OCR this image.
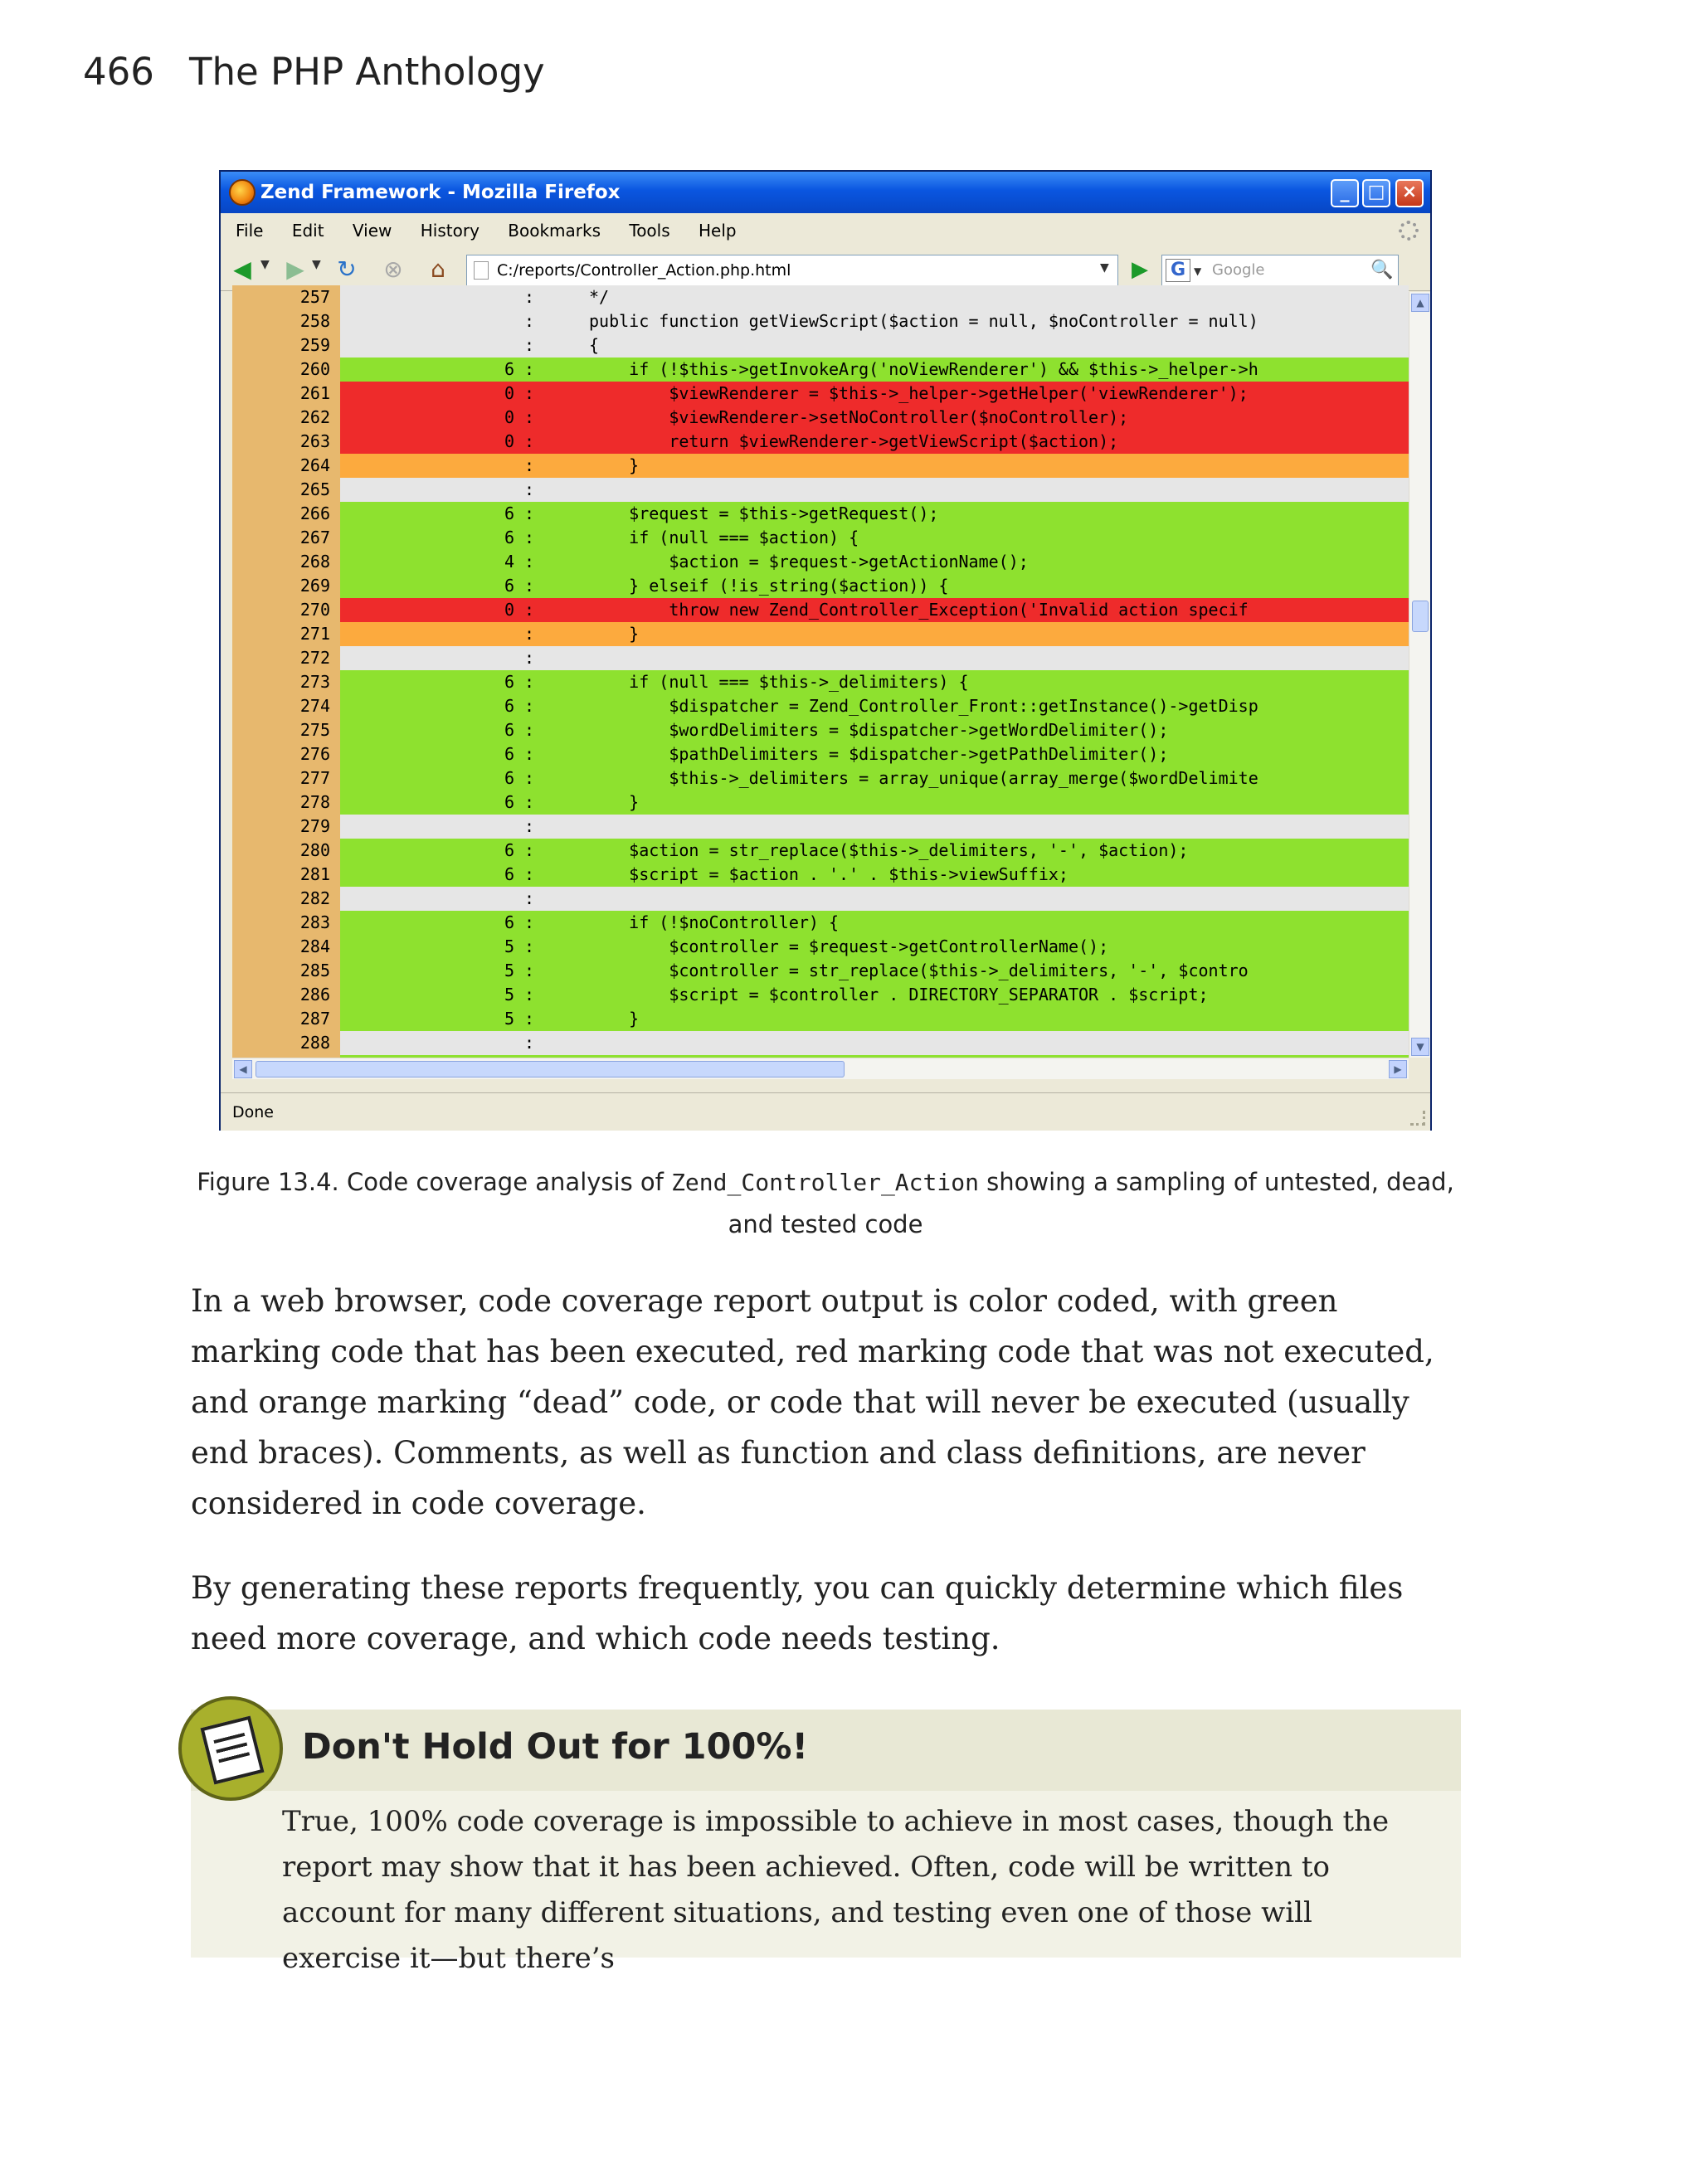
466 The PHP Anthology
Zend Framework - Mozilla Firefox	_	□ ×
File Edit View History Bookmarks Tools Help
◀ ▼ ▶ ▼ ↻ ⊗ ⌂	C:/reports/Controller_Action.php.html	▼ ▶ G ▼ Google	🔍
257	:	*/
258	:	public function getViewScript($action = null, $noController = null)
259	:	{
260	6 :	if (!$this->getInvokeArg('noViewRenderer') && $this->_helper->h
261	0 :	$viewRenderer = $this->_helper->getHelper('viewRenderer');
262	0 :	$viewRenderer->setNoController($noController);
263	0 :	return $viewRenderer->getViewScript($action);
264	:	}
265	:
266	6 :	$request = $this->getRequest();
267	6 :	if (null === $action) {
268	4 :	$action = $request->getActionName();
269	6 :	} elseif (!is_string($action)) {
270	0 :	throw new Zend_Controller_Exception('Invalid action specif
271	:	}
272	:
273	6 :	if (null === $this->_delimiters) {
274	6 :	$dispatcher = Zend_Controller_Front::getInstance()->getDisp
275	6 :	$wordDelimiters = $dispatcher->getWordDelimiter();
276	6 :	$pathDelimiters = $dispatcher->getPathDelimiter();
277	6 :	$this->_delimiters = array_unique(array_merge($wordDelimite
278	6 :	}
279	:
280	6 :	$action = str_replace($this->_delimiters, '-', $action);
281	6 :	$script = $action . '.' . $this->viewSuffix;
282	:
283	6 :	if (!$noController) {
284	5 :	$controller = $request->getControllerName();
285	5 :	$controller = str_replace($this->_delimiters, '-', $contro
286	5 :	$script = $controller . DIRECTORY_SEPARATOR . $script;
287	5 :	}
288	:
▲
▼
◀	▶
Done
Figure 13.4. Code coverage analysis of Zend_Controller_Action showing a sampling of untested, dead, and tested code

In a web browser, code coverage report output is color coded, with green marking code that has been executed, red marking code that was not executed, and orange marking “dead” code, or code that will never be executed (usually end braces). Comments, as well as function and class definitions, are never considered in code coverage.

By generating these reports frequently, you can quickly determine which files need more coverage, and which code needs testing.

Don't Hold Out for 100%!
True, 100% code coverage is impossible to achieve in most cases, though the report may show that it has been achieved. Often, code will be written to account for many different situations, and testing even one of those will exercise it—but there’s
